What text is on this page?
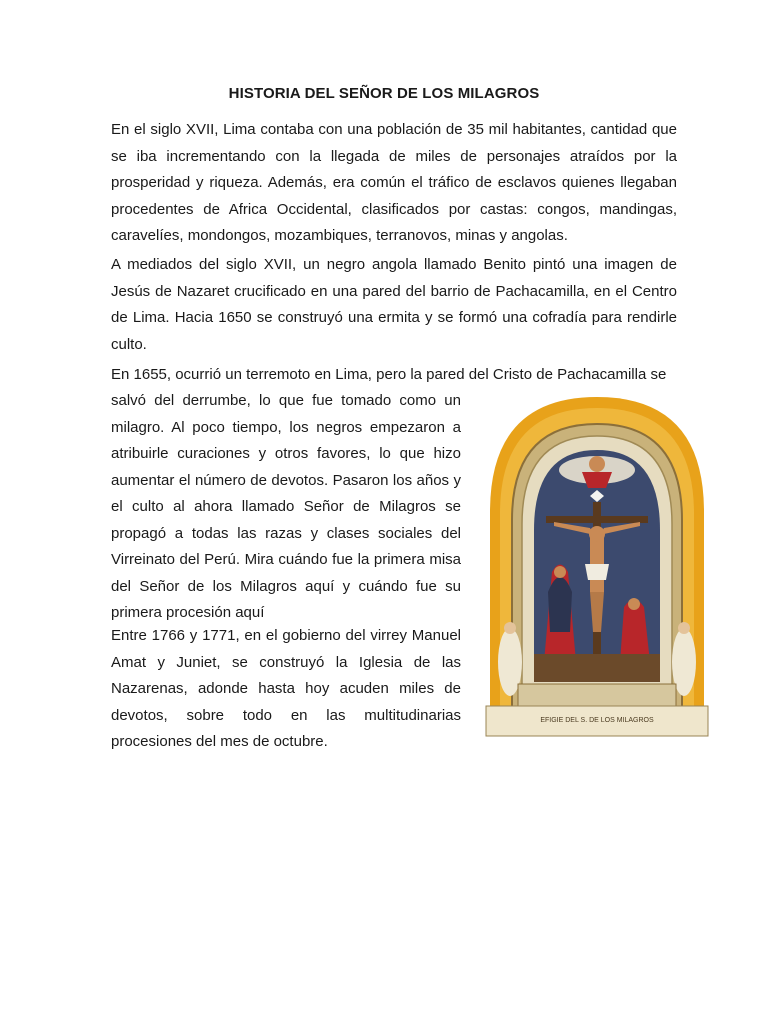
HISTORIA DEL SEÑOR DE LOS MILAGROS

En el siglo XVII, Lima contaba con una población de 35 mil habitantes, cantidad que se iba incrementando con la llegada de miles de personajes atraídos por la prosperidad y riqueza. Además, era común el tráfico de esclavos quienes llegaban procedentes de Africa Occidental, clasificados por castas: congos, mandingas, caravelíes, mondongos, mozambiques, terranovos, minas y angolas.

A mediados del siglo XVII, un negro angola llamado Benito pintó una imagen de Jesús de Nazaret crucificado en una pared del barrio de Pachacamilla, en el Centro de Lima. Hacia 1650 se construyó una ermita y se formó una cofradía para rendirle culto.

En 1655, ocurrió un terremoto en Lima, pero la pared del Cristo de Pachacamilla se

salvó del derrumbe, lo que fue tomado como un milagro. Al poco tiempo, los negros empezaron a atribuirle curaciones y otros favores, lo que hizo aumentar el número de devotos. Pasaron los años y el culto al ahora llamado Señor de Milagros se propagó a todas las razas y clases sociales del Virreinato del Perú. Mira cuándo fue la primera misa del Señor de los Milagros aquí y cuándo fue su primera procesión aquí

Entre 1766 y 1771, en el gobierno del virrey Manuel Amat y Juniet, se construyó la Iglesia de las Nazarenas, adonde hasta hoy acuden miles de devotos, sobre todo en las multitudinarias procesiones del mes de octubre.

EFIGIE DEL S. DE LOS MILAGROS
